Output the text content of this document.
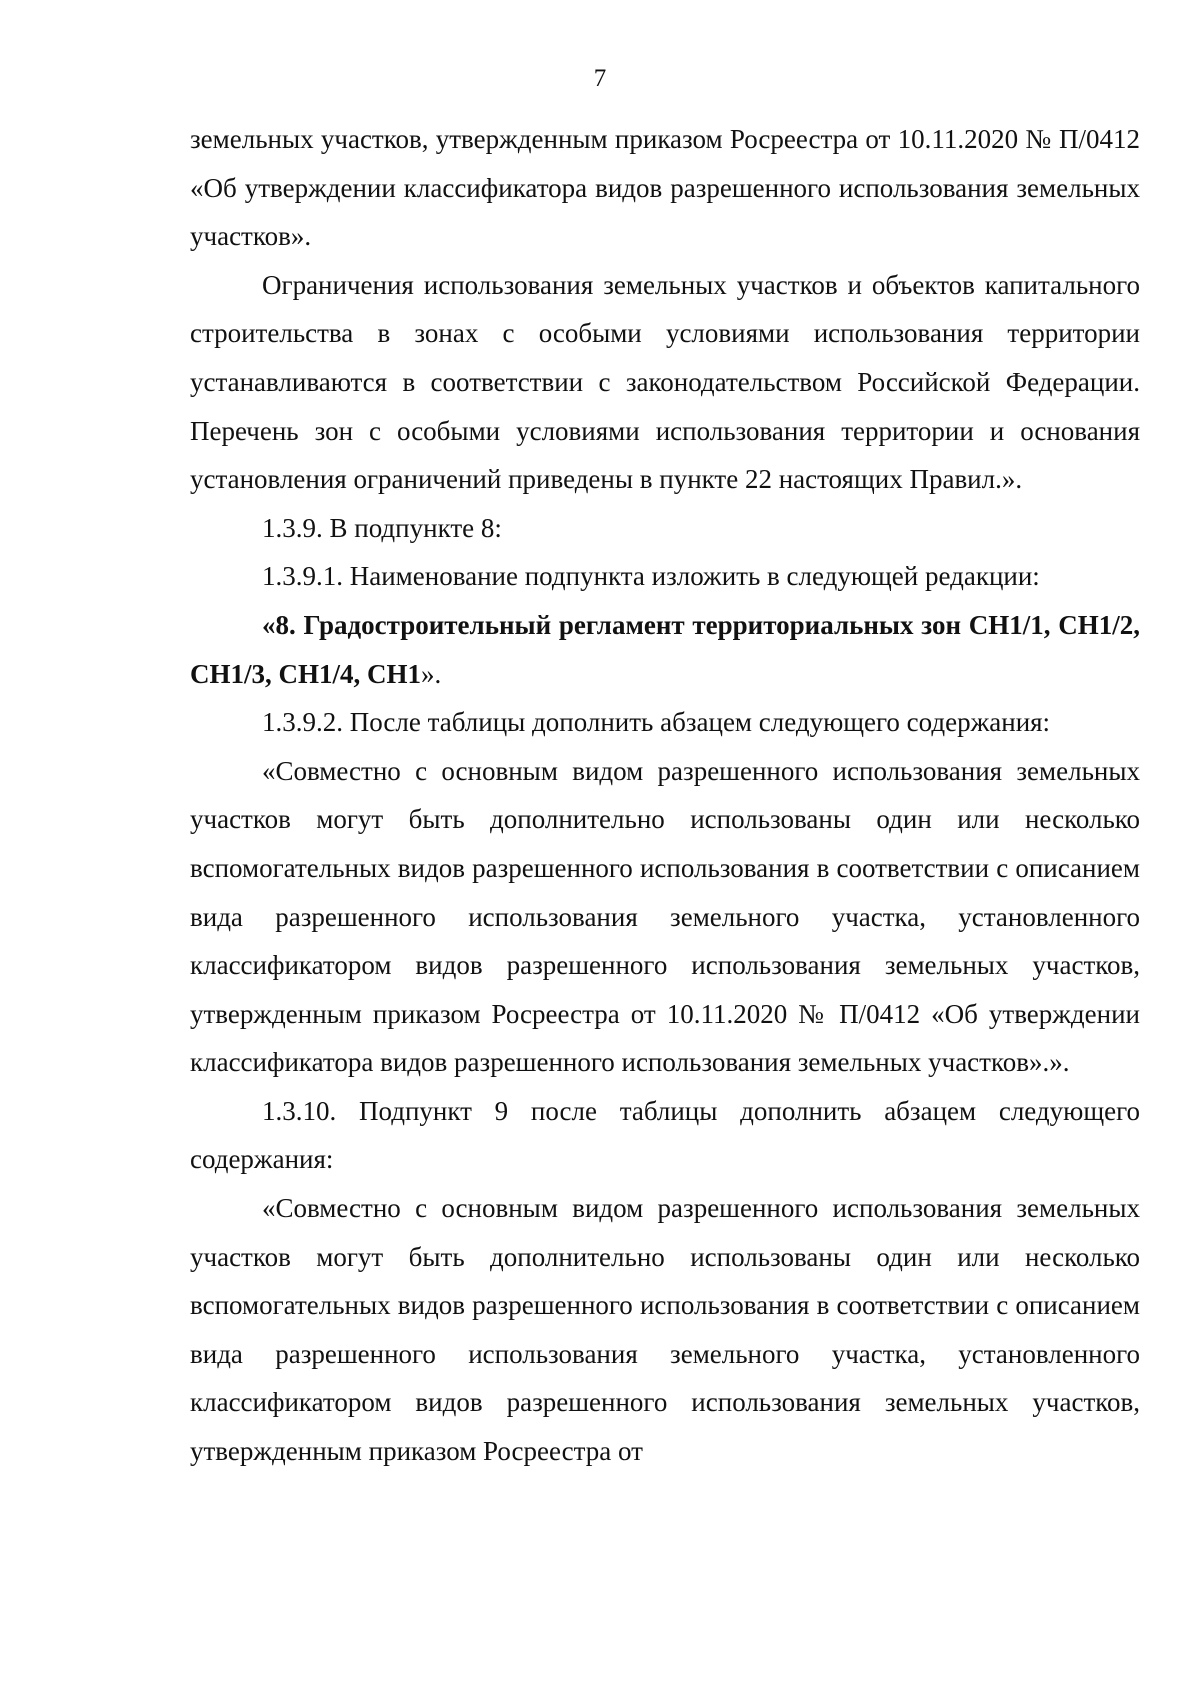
7

земельных участков, утвержденным приказом Росреестра от 10.11.2020 № П/0412 «Об утверждении классификатора видов разрешенного использования земельных участков».

Ограничения использования земельных участков и объектов капитального строительства в зонах с особыми условиями использования территории устанавливаются в соответствии с законодательством Российской Федерации. Перечень зон с особыми условиями использования территории и основания установления ограничений приведены в пункте 22 настоящих Правил.».

1.3.9. В подпункте 8:

1.3.9.1. Наименование подпункта изложить в следующей редакции:

«8. Градостроительный регламент территориальных зон СН1/1, СН1/2, СН1/3, СН1/4, СН1».

1.3.9.2. После таблицы дополнить абзацем следующего содержания:

«Совместно с основным видом разрешенного использования земельных участков могут быть дополнительно использованы один или несколько вспомогательных видов разрешенного использования в соответствии с описанием вида разрешенного использования земельного участка, установленного классификатором видов разрешенного использования земельных участков, утвержденным приказом Росреестра от 10.11.2020 № П/0412 «Об утверждении классификатора видов разрешенного использования земельных участков».».

1.3.10. Подпункт 9 после таблицы дополнить абзацем следующего содержания:

«Совместно с основным видом разрешенного использования земельных участков могут быть дополнительно использованы один или несколько вспомогательных видов разрешенного использования в соответствии с описанием вида разрешенного использования земельного участка, установленного классификатором видов разрешенного использования земельных участков, утвержденным приказом Росреестра от
